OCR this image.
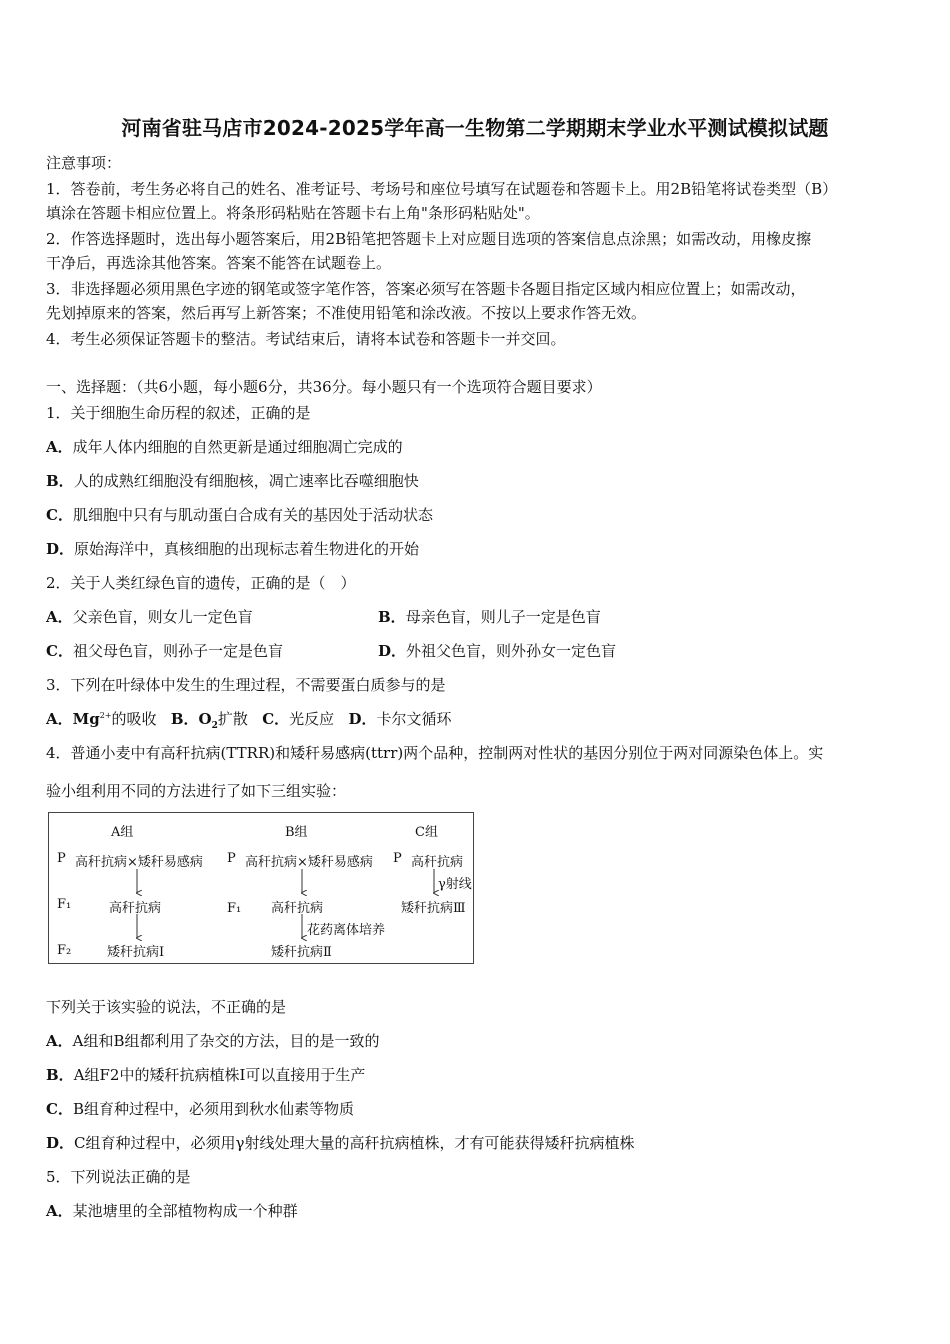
河南省驻马店市2024-2025学年高一生物第二学期期末学业水平测试模拟试题
注意事项：
1．答卷前，考生务必将自己的姓名、准考证号、考场号和座位号填写在试题卷和答题卡上。用2B铅笔将试卷类型（B）
填涂在答题卡相应位置上。将条形码粘贴在答题卡右上角"条形码粘贴处"。
2．作答选择题时，选出每小题答案后，用2B铅笔把答题卡上对应题目选项的答案信息点涂黑；如需改动，用橡皮擦
干净后，再选涂其他答案。答案不能答在试题卷上。
3．非选择题必须用黑色字迹的钢笔或签字笔作答，答案必须写在答题卡各题目指定区域内相应位置上；如需改动，
先划掉原来的答案，然后再写上新答案；不准使用铅笔和涂改液。不按以上要求作答无效。
4．考生必须保证答题卡的整洁。考试结束后，请将本试卷和答题卡一并交回。
一、选择题：（共6小题，每小题6分，共36分。每小题只有一个选项符合题目要求）
1．关于细胞生命历程的叙述，正确的是
A．成年人体内细胞的自然更新是通过细胞凋亡完成的
B．人的成熟红细胞没有细胞核，凋亡速率比吞噬细胞快
C．肌细胞中只有与肌动蛋白合成有关的基因处于活动状态
D．原始海洋中，真核细胞的出现标志着生物进化的开始
2．关于人类红绿色盲的遗传，正确的是（　）
A．父亲色盲，则女儿一定色盲	B．母亲色盲，则儿子一定是色盲
C．祖父母色盲，则孙子一定是色盲	D．外祖父色盲，则外孙女一定色盲
3．下列在叶绿体中发生的生理过程，不需要蛋白质参与的是
A．$Mg^{2+}$的吸收 B．$O_2$扩散 C．光反应 D．卡尔文循环
4．普通小麦中有高秆抗病(TTRR)和矮秆易感病(ttrr)两个品种，控制两对性状的基因分别位于两对同源染色体上。实
验小组利用不同的方法进行了如下三组实验：
A组	B组	C组
P 高秆抗病×矮秆易感病 P 高秆抗病×矮秆易感病 P 高秆抗病
F₁	高秆抗病	F₁ 高秆抗病
γ射线
矮秆抗病Ⅲ
花药离体培养
F₂	矮秆抗病Ⅰ	矮秆抗病Ⅱ
下列关于该实验的说法，不正确的是
A．A组和B组都利用了杂交的方法，目的是一致的
B．A组F2中的矮秆抗病植株Ⅰ可以直接用于生产
C．B组育种过程中，必须用到秋水仙素等物质
D．C组育种过程中，必须用γ射线处理大量的高秆抗病植株，才有可能获得矮秆抗病植株
5．下列说法正确的是
A．某池塘里的全部植物构成一个种群
